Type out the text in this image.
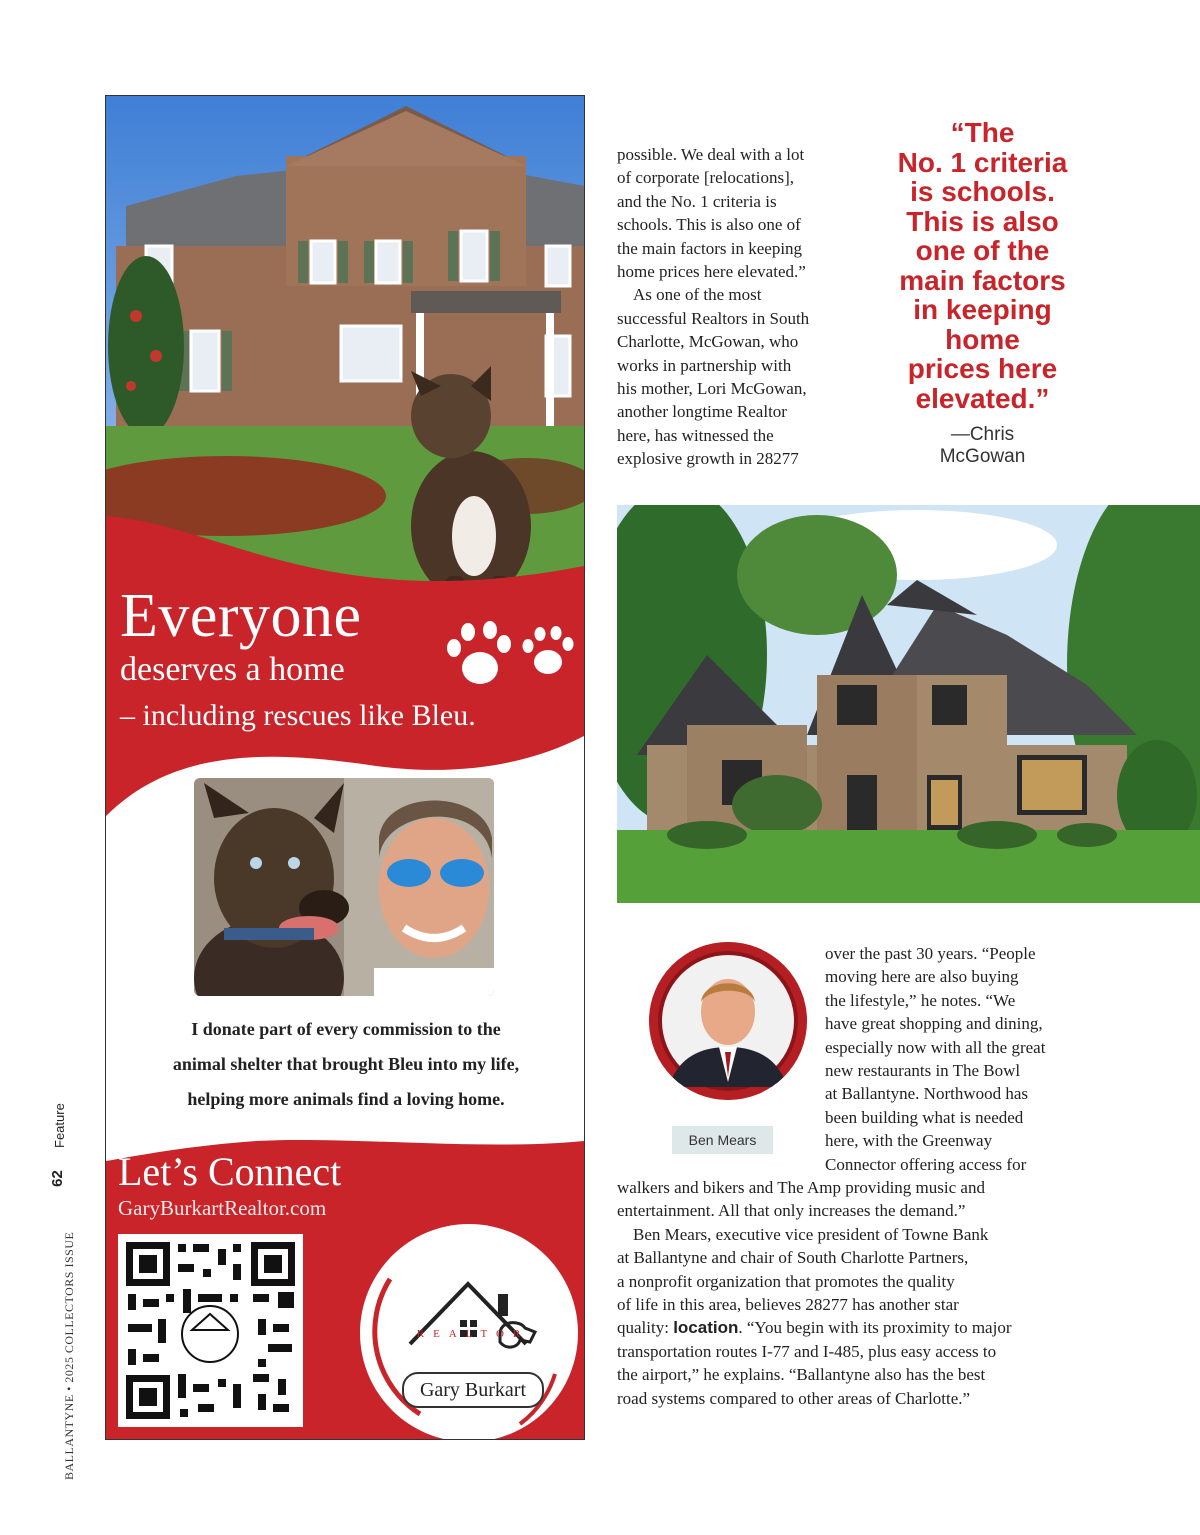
BALLANTYNE • 2025 COLLECTORS ISSUE
Feature
62
Everyone
deserves a home
– including rescues like Bleu.
I donate part of every commission to the
animal shelter that brought Bleu into my life,
helping more animals find a loving home.
Let’s Connect
GaryBurkartRealtor.com
Gary Burkart
REALTOR

possible. We deal with a lot
of corporate [relocations],
and the No. 1 criteria is
schools. This is also one of
the main factors in keeping
home prices here elevated.”

As one of the most
successful Realtors in South
Charlotte, McGowan, who
works in partnership with
his mother, Lori McGowan,
another longtime Realtor
here, has witnessed the
explosive growth in 28277

“The
No. 1 criteria
is schools.
This is also
one of the
main factors
in keeping
home
prices here
elevated.”
—Chris
McGowan
Ben Mears

over the past 30 years. “People
moving here are also buying
the lifestyle,” he notes. “We
have great shopping and dining,
especially now with all the great
new restaurants in The Bowl
at Ballantyne. Northwood has
been building what is needed
here, with the Greenway
Connector offering access for

walkers and bikers and The Amp providing music and
entertainment. All that only increases the demand.”

Ben Mears, executive vice president of Towne Bank
at Ballantyne and chair of South Charlotte Partners,
a nonprofit organization that promotes the quality
of life in this area, believes 28277 has another star
quality: location. “You begin with its proximity to major
transportation routes I-77 and I-485, plus easy access to
the airport,” he explains. “Ballantyne also has the best
road systems compared to other areas of Charlotte.”
